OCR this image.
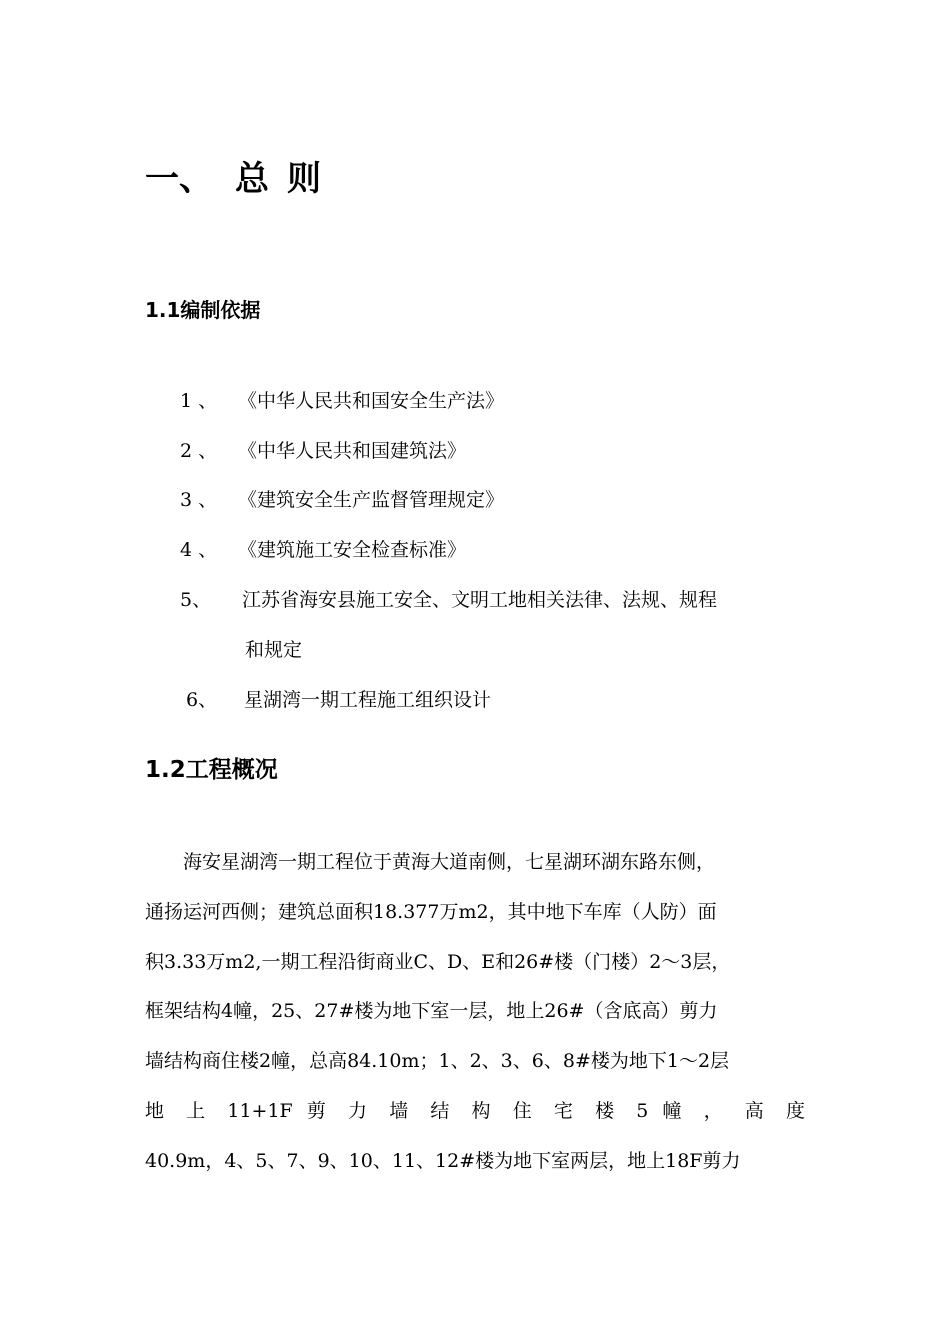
一、 总 则
1.1编制依据
1 、 《中华人民共和国安全生产法》
2 、 《中华人民共和国建筑法》
3 、 《建筑安全生产监督管理规定》
4 、 《建筑施工安全检查标准》
5、 江苏省海安县施工安全、文明工地相关法律、法规、规程
和规定
6、 星湖湾一期工程施工组织设计
1.2工程概况
　　海安星湖湾一期工程位于黄海大道南侧，七星湖环湖东路东侧，
通扬运河西侧；建筑总面积18.377万m2，其中地下车库（人防）面
积3.33万m2,一期工程沿街商业C、D、E和26#楼（门楼）2～3层，
框架结构4幢，25、27#楼为地下室一层，地上26#（含底高）剪力
墙结构商住楼2幢，总高84.10m；1、2、3、6、8#楼为地下1～2层
地 上 11+1F 剪 力 墙 结 构 住 宅 楼 5 幢 ， 高 度
40.9m，4、5、7、9、10、11、12#楼为地下室两层，地上18F剪力
